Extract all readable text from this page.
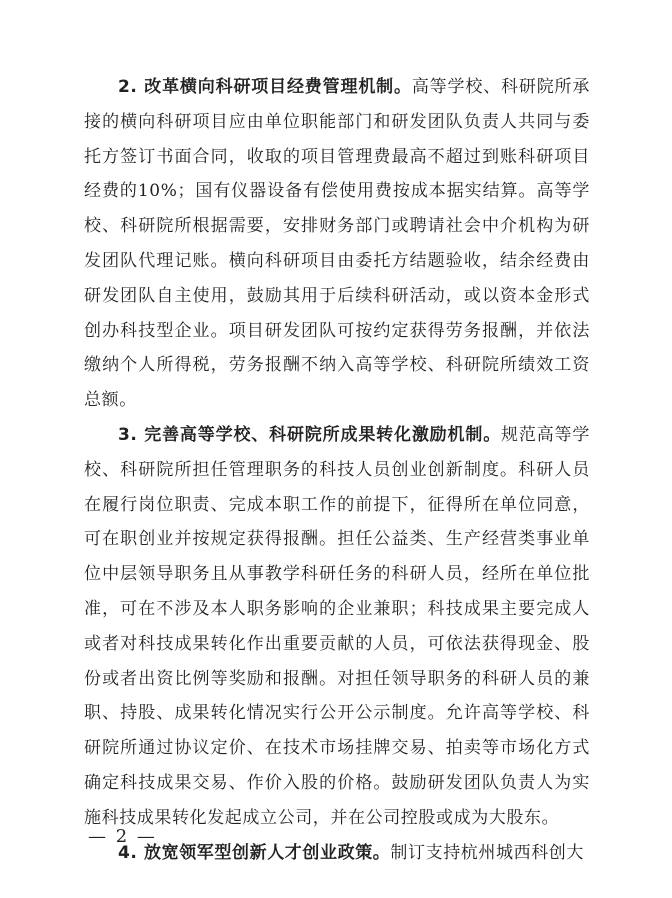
2. 改革横向科研项目经费管理机制。高等学校、科研院所承接的横向科研项目应由单位职能部门和研发团队负责人共同与委托方签订书面合同，收取的项目管理费最高不超过到账科研项目经费的10%；国有仪器设备有偿使用费按成本据实结算。高等学校、科研院所根据需要，安排财务部门或聘请社会中介机构为研发团队代理记账。横向科研项目由委托方结题验收，结余经费由研发团队自主使用，鼓励其用于后续科研活动，或以资本金形式创办科技型企业。项目研发团队可按约定获得劳务报酬，并依法缴纳个人所得税，劳务报酬不纳入高等学校、科研院所绩效工资总额。

3. 完善高等学校、科研院所成果转化激励机制。规范高等学校、科研院所担任管理职务的科技人员创业创新制度。科研人员在履行岗位职责、完成本职工作的前提下，征得所在单位同意，可在职创业并按规定获得报酬。担任公益类、生产经营类事业单位中层领导职务且从事教学科研任务的科研人员，经所在单位批准，可在不涉及本人职务影响的企业兼职；科技成果主要完成人或者对科技成果转化作出重要贡献的人员，可依法获得现金、股份或者出资比例等奖励和报酬。对担任领导职务的科研人员的兼职、持股、成果转化情况实行公开公示制度。允许高等学校、科研院所通过协议定价、在技术市场挂牌交易、拍卖等市场化方式确定科技成果交易、作价入股的价格。鼓励研发团队负责人为实施科技成果转化发起成立公司，并在公司控股或成为大股东。

4. 放宽领军型创新人才创业政策。制订支持杭州城西科创大

— 2 —
